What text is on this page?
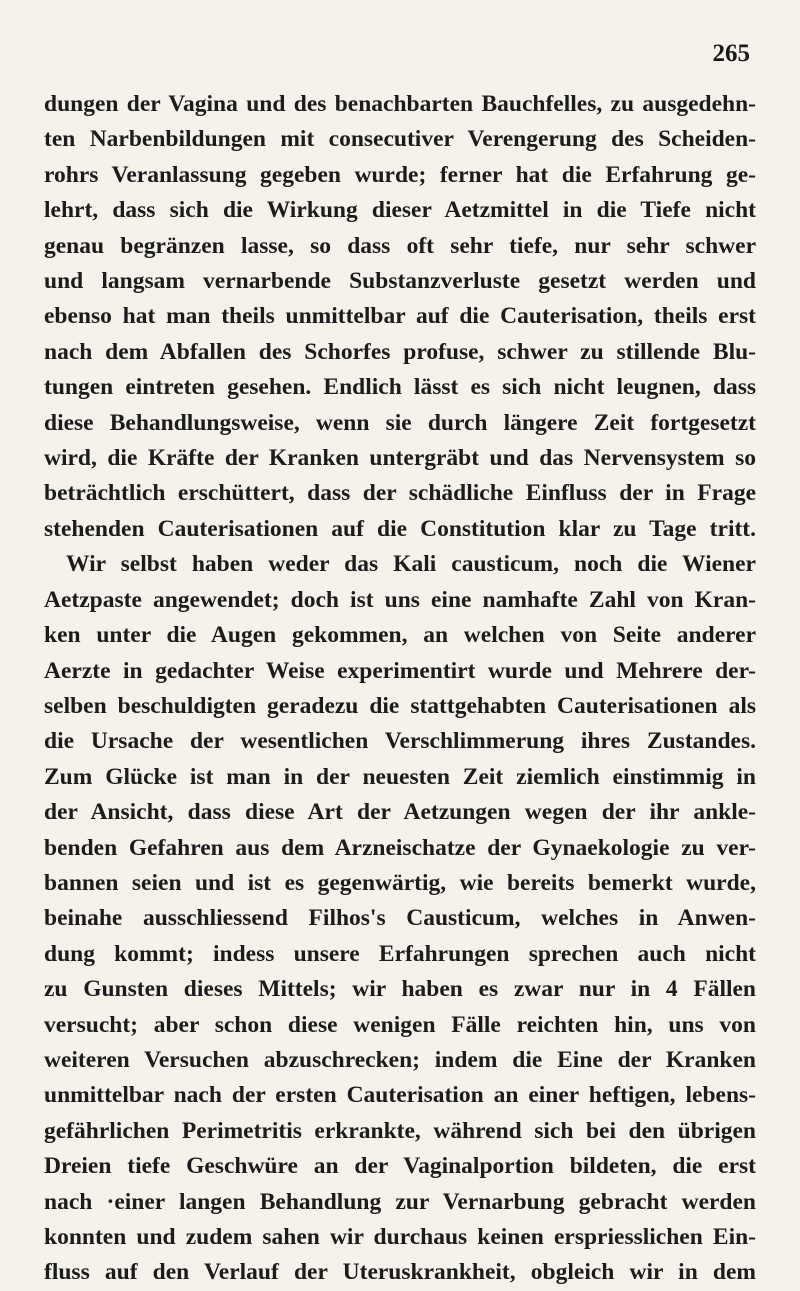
265
dungen der Vagina und des benachbarten Bauchfelles, zu ausgedehn-
ten Narbenbildungen mit consecutiver Verengerung des Scheiden-
rohrs Veranlassung gegeben wurde; ferner hat die Erfahrung ge-
lehrt, dass sich die Wirkung dieser Aetzmittel in die Tiefe nicht
genau begränzen lasse, so dass oft sehr tiefe, nur sehr schwer
und langsam vernarbende Substanzverluste gesetzt werden und
ebenso hat man theils unmittelbar auf die Cauterisation, theils erst
nach dem Abfallen des Schorfes profuse, schwer zu stillende Blu-
tungen eintreten gesehen. Endlich lässt es sich nicht leugnen, dass
diese Behandlungsweise, wenn sie durch längere Zeit fortgesetzt
wird, die Kräfte der Kranken untergräbt und das Nervensystem so
beträchtlich erschüttert, dass der schädliche Einfluss der in Frage
stehenden Cauterisationen auf die Constitution klar zu Tage tritt.
Wir selbst haben weder das Kali causticum, noch die Wiener
Aetzpaste angewendet; doch ist uns eine namhafte Zahl von Kran-
ken unter die Augen gekommen, an welchen von Seite anderer
Aerzte in gedachter Weise experimentirt wurde und Mehrere der-
selben beschuldigten geradezu die stattgehabten Cauterisationen als
die Ursache der wesentlichen Verschlimmerung ihres Zustandes.
Zum Glücke ist man in der neuesten Zeit ziemlich einstimmig in
der Ansicht, dass diese Art der Aetzungen wegen der ihr ankle-
benden Gefahren aus dem Arzneischatze der Gynaekologie zu ver-
bannen seien und ist es gegenwärtig, wie bereits bemerkt wurde,
beinahe ausschliessend Filhos's Causticum, welches in Anwen-
dung kommt; indess unsere Erfahrungen sprechen auch nicht
zu Gunsten dieses Mittels; wir haben es zwar nur in 4 Fällen
versucht; aber schon diese wenigen Fälle reichten hin, uns von
weiteren Versuchen abzuschrecken; indem die Eine der Kranken
unmittelbar nach der ersten Cauterisation an einer heftigen, lebens-
gefährlichen Perimetritis erkrankte, während sich bei den übrigen
Dreien tiefe Geschwüre an der Vaginalportion bildeten, die erst
nach ·einer langen Behandlung zur Vernarbung gebracht werden
konnten und zudem sahen wir durchaus keinen erspriesslichen Ein-
fluss auf den Verlauf der Uteruskrankheit, obgleich wir in dem
